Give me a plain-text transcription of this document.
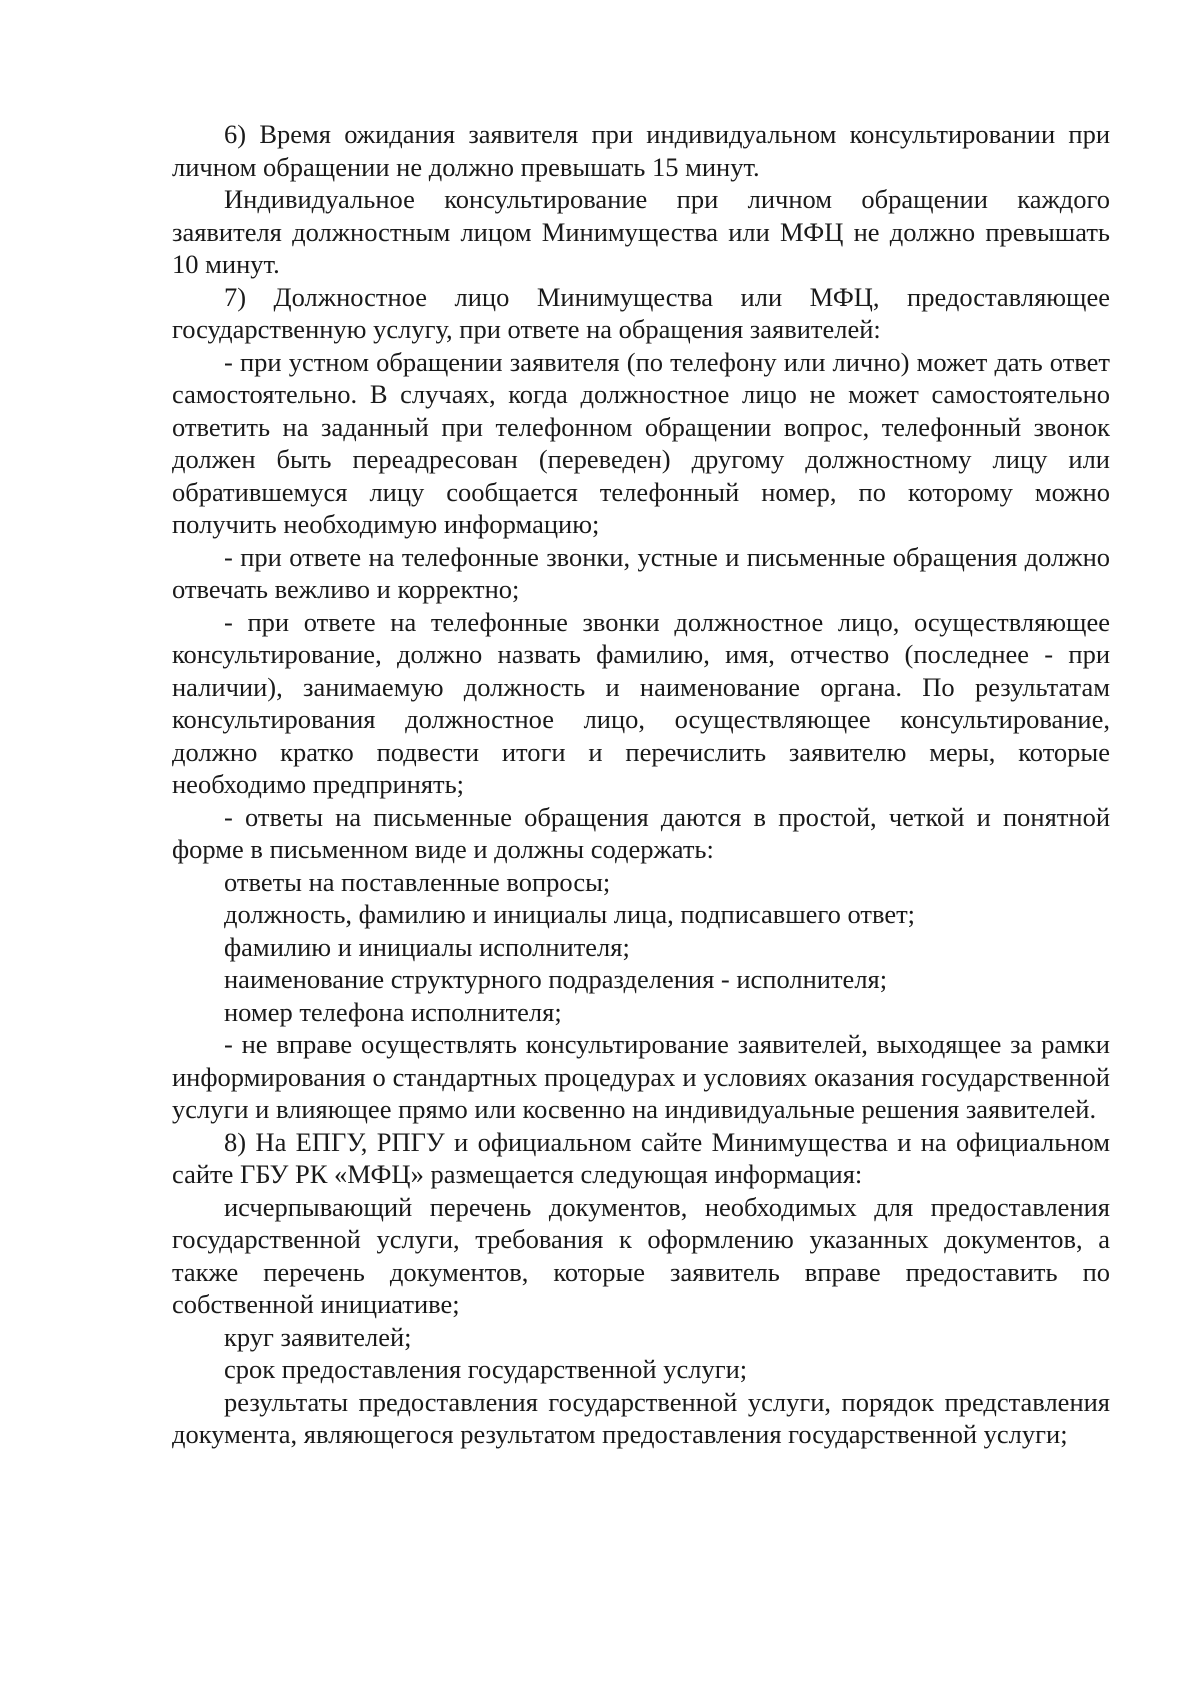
6) Время ожидания заявителя при индивидуальном консультировании при личном обращении не должно превышать 15 минут.

Индивидуальное консультирование при личном обращении каждого заявителя должностным лицом Минимущества или МФЦ не должно превышать 10 минут.

7) Должностное лицо Минимущества или МФЦ, предоставляющее государственную услугу, при ответе на обращения заявителей:

- при устном обращении заявителя (по телефону или лично) может дать ответ самостоятельно. В случаях, когда должностное лицо не может самостоятельно ответить на заданный при телефонном обращении вопрос, телефонный звонок должен быть переадресован (переведен) другому должностному лицу или обратившемуся лицу сообщается телефонный номер, по которому можно получить необходимую информацию;

- при ответе на телефонные звонки, устные и письменные обращения должно отвечать вежливо и корректно;

- при ответе на телефонные звонки должностное лицо, осуществляющее консультирование, должно назвать фамилию, имя, отчество (последнее - при наличии), занимаемую должность и наименование органа. По результатам консультирования должностное лицо, осуществляющее консультирование, должно кратко подвести итоги и перечислить заявителю меры, которые необходимо предпринять;

- ответы на письменные обращения даются в простой, четкой и понятной форме в письменном виде и должны содержать:

ответы на поставленные вопросы;

должность, фамилию и инициалы лица, подписавшего ответ;

фамилию и инициалы исполнителя;

наименование структурного подразделения - исполнителя;

номер телефона исполнителя;

- не вправе осуществлять консультирование заявителей, выходящее за рамки информирования о стандартных процедурах и условиях оказания государственной услуги и влияющее прямо или косвенно на индивидуальные решения заявителей.

8) На ЕПГУ, РПГУ и официальном сайте Минимущества и на официальном сайте ГБУ РК «МФЦ» размещается следующая информация:

исчерпывающий перечень документов, необходимых для предоставления государственной услуги, требования к оформлению указанных документов, а также перечень документов, которые заявитель вправе предоставить по собственной инициативе;

круг заявителей;

срок предоставления государственной услуги;

результаты предоставления государственной услуги, порядок представления документа, являющегося результатом предоставления государственной услуги;
